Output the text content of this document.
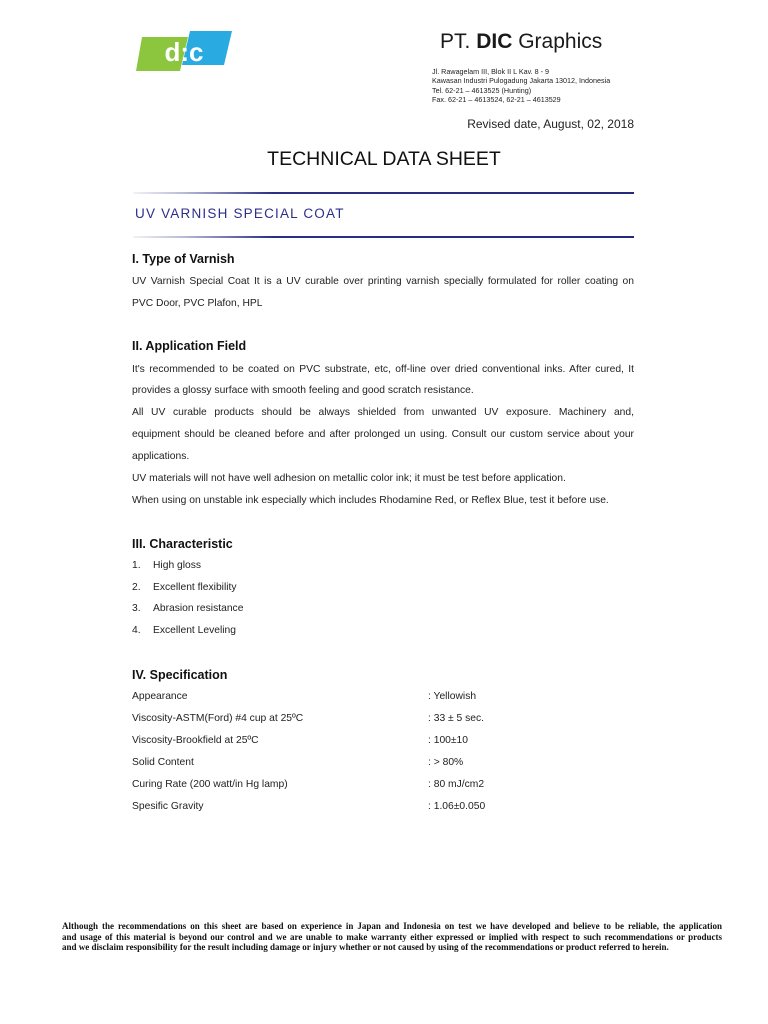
d:c	PT. DIC Graphics
Jl. Rawagelam III, Blok II L Kav. 8 - 9
Kawasan Industri Pulogadung Jakarta 13012, Indonesia
Tel. 62-21 – 4613525 (Hunting)
Fax. 62-21 – 4613524, 62-21 – 4613529
Revised date, August, 02, 2018
TECHNICAL DATA SHEET
UV VARNISH SPECIAL COAT
I. Type of Varnish
UV Varnish Special Coat It is a UV curable over printing varnish specially formulated for roller coating on
PVC Door, PVC Plafon, HPL
II. Application Field
It's recommended to be coated on PVC substrate, etc, off-line over dried conventional inks. After cured, It
provides a glossy surface with smooth feeling and good scratch resistance.
All UV curable products should be always shielded from unwanted UV exposure. Machinery and,
equipment should be cleaned before and after prolonged un using. Consult our custom service about your
applications.
UV materials will not have well adhesion on metallic color ink; it must be test before application.
When using on unstable ink especially which includes Rhodamine Red, or Reflex Blue, test it before use.
III. Characteristic
1. High gloss
2. Excellent flexibility
3. Abrasion resistance
4. Excellent Leveling
IV. Specification
Appearance	: Yellowish
Viscosity-ASTM(Ford) #4 cup at 25ºC	: 33 ± 5 sec.
Viscosity-Brookfield at 25ºC	: 100±10
Solid Content	: > 80%
Curing Rate (200 watt/in Hg lamp)	: 80 mJ/cm2
Spesific Gravity	: 1.06±0.050
Although the recommendations on this sheet are based on experience in Japan and Indonesia on test we have developed and believe to be reliable, the application
and usage of this material is beyond our control and we are unable to make warranty either expressed or implied with respect to such recommendations or products
and we disclaim responsibility for the result including damage or injury whether or not caused by using of the recommendations or product referred to herein.
